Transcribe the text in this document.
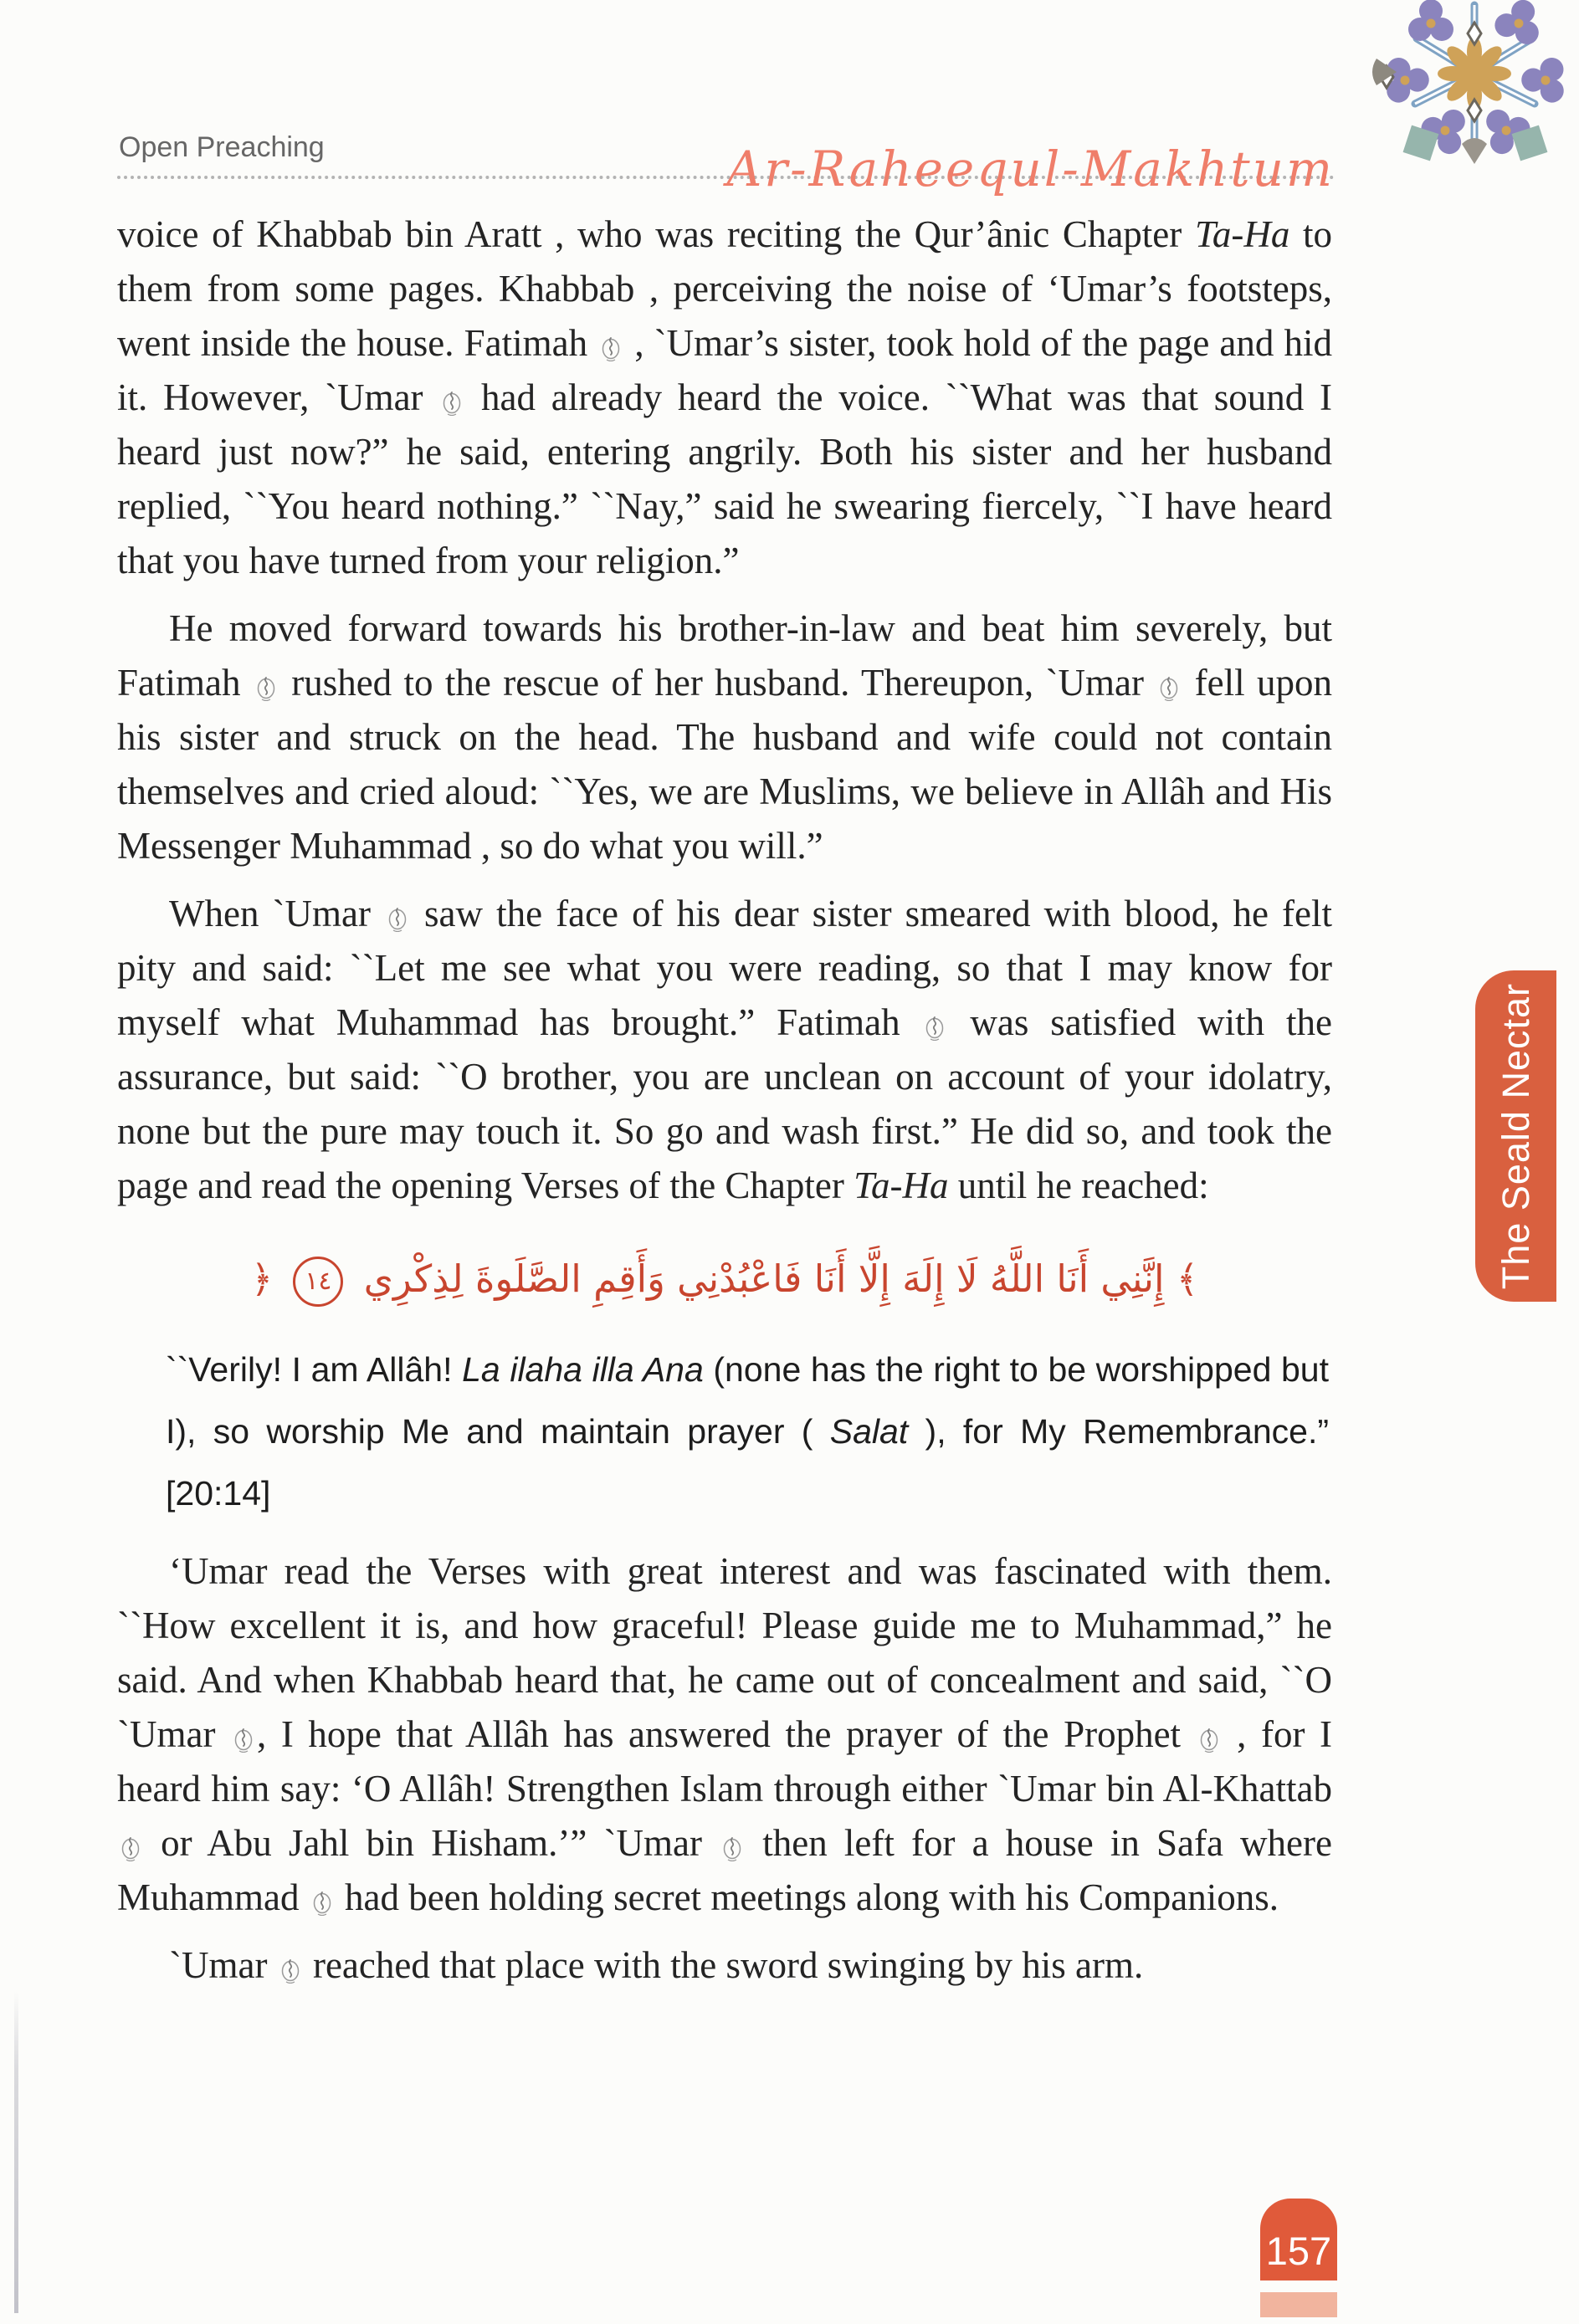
Open Preaching	Ar-Raheequl-Makhtum

voice of Khabbab bin Aratt , who was reciting the Qur’ânic Chapter Ta-Ha to them from some pages. Khabbab , perceiving the noise of ‘Umar’s footsteps, went inside the house. Fatimah  , `Umar’s sister, took hold of the page and hid it. However, `Umar  had already heard the voice. ``What was that sound I heard just now?” he said, entering angrily. Both his sister and her husband replied, ``You heard nothing.” ``Nay,” said he swearing fiercely, ``I have heard that you have turned from your religion.”

He moved forward towards his brother-in-law and beat him severely, but Fatimah  rushed to the rescue of her husband. Thereupon, `Umar  fell upon his sister and struck on the head. The husband and wife could not contain themselves and cried aloud: ``Yes, we are Muslims, we believe in Allâh and His Messenger Muhammad , so do what you will.”

When `Umar  saw the face of his dear sister smeared with blood, he felt pity and said: ``Let me see what you were reading, so that I may know for myself what Muhammad has brought.” Fatimah  was satisfied with the assurance, but said: ``O brother, you are unclean on account of your idolatry, none but the pure may touch it. So go and wash first.” He did so, and took the page and read the opening Verses of the Chapter Ta-Ha until he reached:

﴾ إِنَّنِي أَنَا اللَّهُ لَا إِلَهَ إِلَّا أَنَا فَاعْبُدْنِي وَأَقِمِ الصَّلَوةَ لِذِكْرِي ١٤ ﴿

``Verily! I am Allâh! La ilaha illa Ana (none has the right to be worshipped but I), so worship Me and maintain prayer ( Salat ), for My Remembrance.” [20:14]

‘Umar read the Verses with great interest and was fascinated with them. ``How excellent it is, and how graceful! Please guide me to Muhammad,” he said. And when Khabbab heard that, he came out of concealment and said, ``O `Umar , I hope that Allâh has answered the prayer of the Prophet  , for I heard him say: ‘O Allâh! Strengthen Islam through either `Umar bin Al-Khattab  or Abu Jahl bin Hisham.’” `Umar  then left for a house in Safa where Muhammad  had been holding secret meetings along with his Companions.

`Umar  reached that place with the sword swinging by his arm.

The Seald Nectar
157
